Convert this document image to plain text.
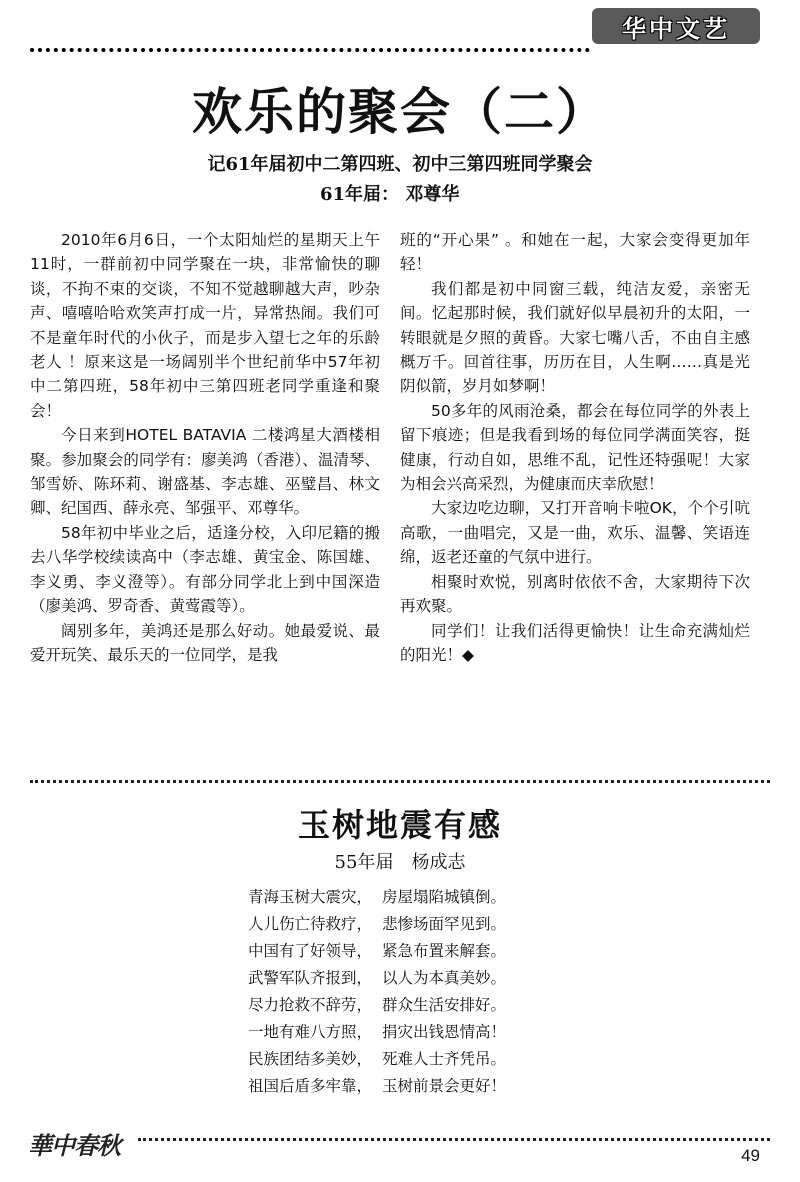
华中文艺
欢乐的聚会（二）
记61年届初中二第四班、初中三第四班同学聚会
61年届： 邓尊华

2010年6月6日，一个太阳灿烂的星期天上午11时，一群前初中同学聚在一块，非常愉快的聊谈，不拘不束的交谈，不知不觉越聊越大声，吵杂声、嘻嘻哈哈欢笑声打成一片，异常热闹。我们可不是童年时代的小伙子，而是步入望七之年的乐龄老人 ！原来这是一场阔别半个世纪前华中57年初中二第四班，58年初中三第四班老同学重逢和聚会！

今日来到HOTEL BATAVIA 二楼鸿星大酒楼相聚。参加聚会的同学有：廖美鸿（香港）、温清琴、邹雪娇、陈环莉、谢盛基、李志雄、巫璧昌、林文卿、纪国西、薛永亮、邹强平、邓尊华。

58年初中毕业之后，适逢分校，入印尼籍的搬去八华学校续读高中（李志雄、黄宝金、陈国雄、李义勇、李义澄等）。有部分同学北上到中国深造（廖美鸿、罗奇香、黄莺霞等）。

阔别多年，美鸿还是那么好动。她最爱说、最爱开玩笑、最乐天的一位同学，是我

班的“开心果” 。和她在一起，大家会变得更加年轻！

我们都是初中同窗三载，纯洁友爱，亲密无间。忆起那时候，我们就好似早晨初升的太阳，一转眼就是夕照的黄昏。大家七嘴八舌，不由自主感概万千。回首往事，历历在目，人生啊……真是光阴似箭，岁月如梦啊！

50多年的风雨沧桑，都会在每位同学的外表上留下痕迹；但是我看到场的每位同学满面笑容，挺健康，行动自如，思维不乱，记性还特强呢！大家为相会兴高采烈，为健康而庆幸欣慰！

大家边吃边聊，又打开音响卡啦OK，个个引吭高歌，一曲唱完，又是一曲，欢乐、温馨、笑语连绵，返老还童的气氛中进行。

相聚时欢悦，别离时依依不舍，大家期待下次再欢聚。

同学们！让我们活得更愉快！让生命充满灿烂的阳光！◆

玉树地震有感
55年届　杨成志
青海玉树大震灾， 房屋塌陷城镇倒。
人儿伤亡待救疗， 悲惨场面罕见到。
中国有了好领导， 紧急布置来解套。
武警军队齐报到， 以人为本真美妙。
尽力抢救不辞劳， 群众生活安排好。
一地有难八方照， 捐灾出钱恩情高！
民族团结多美妙， 死难人士齐凭吊。
祖国后盾多牢靠， 玉树前景会更好！
華中春秋	49
